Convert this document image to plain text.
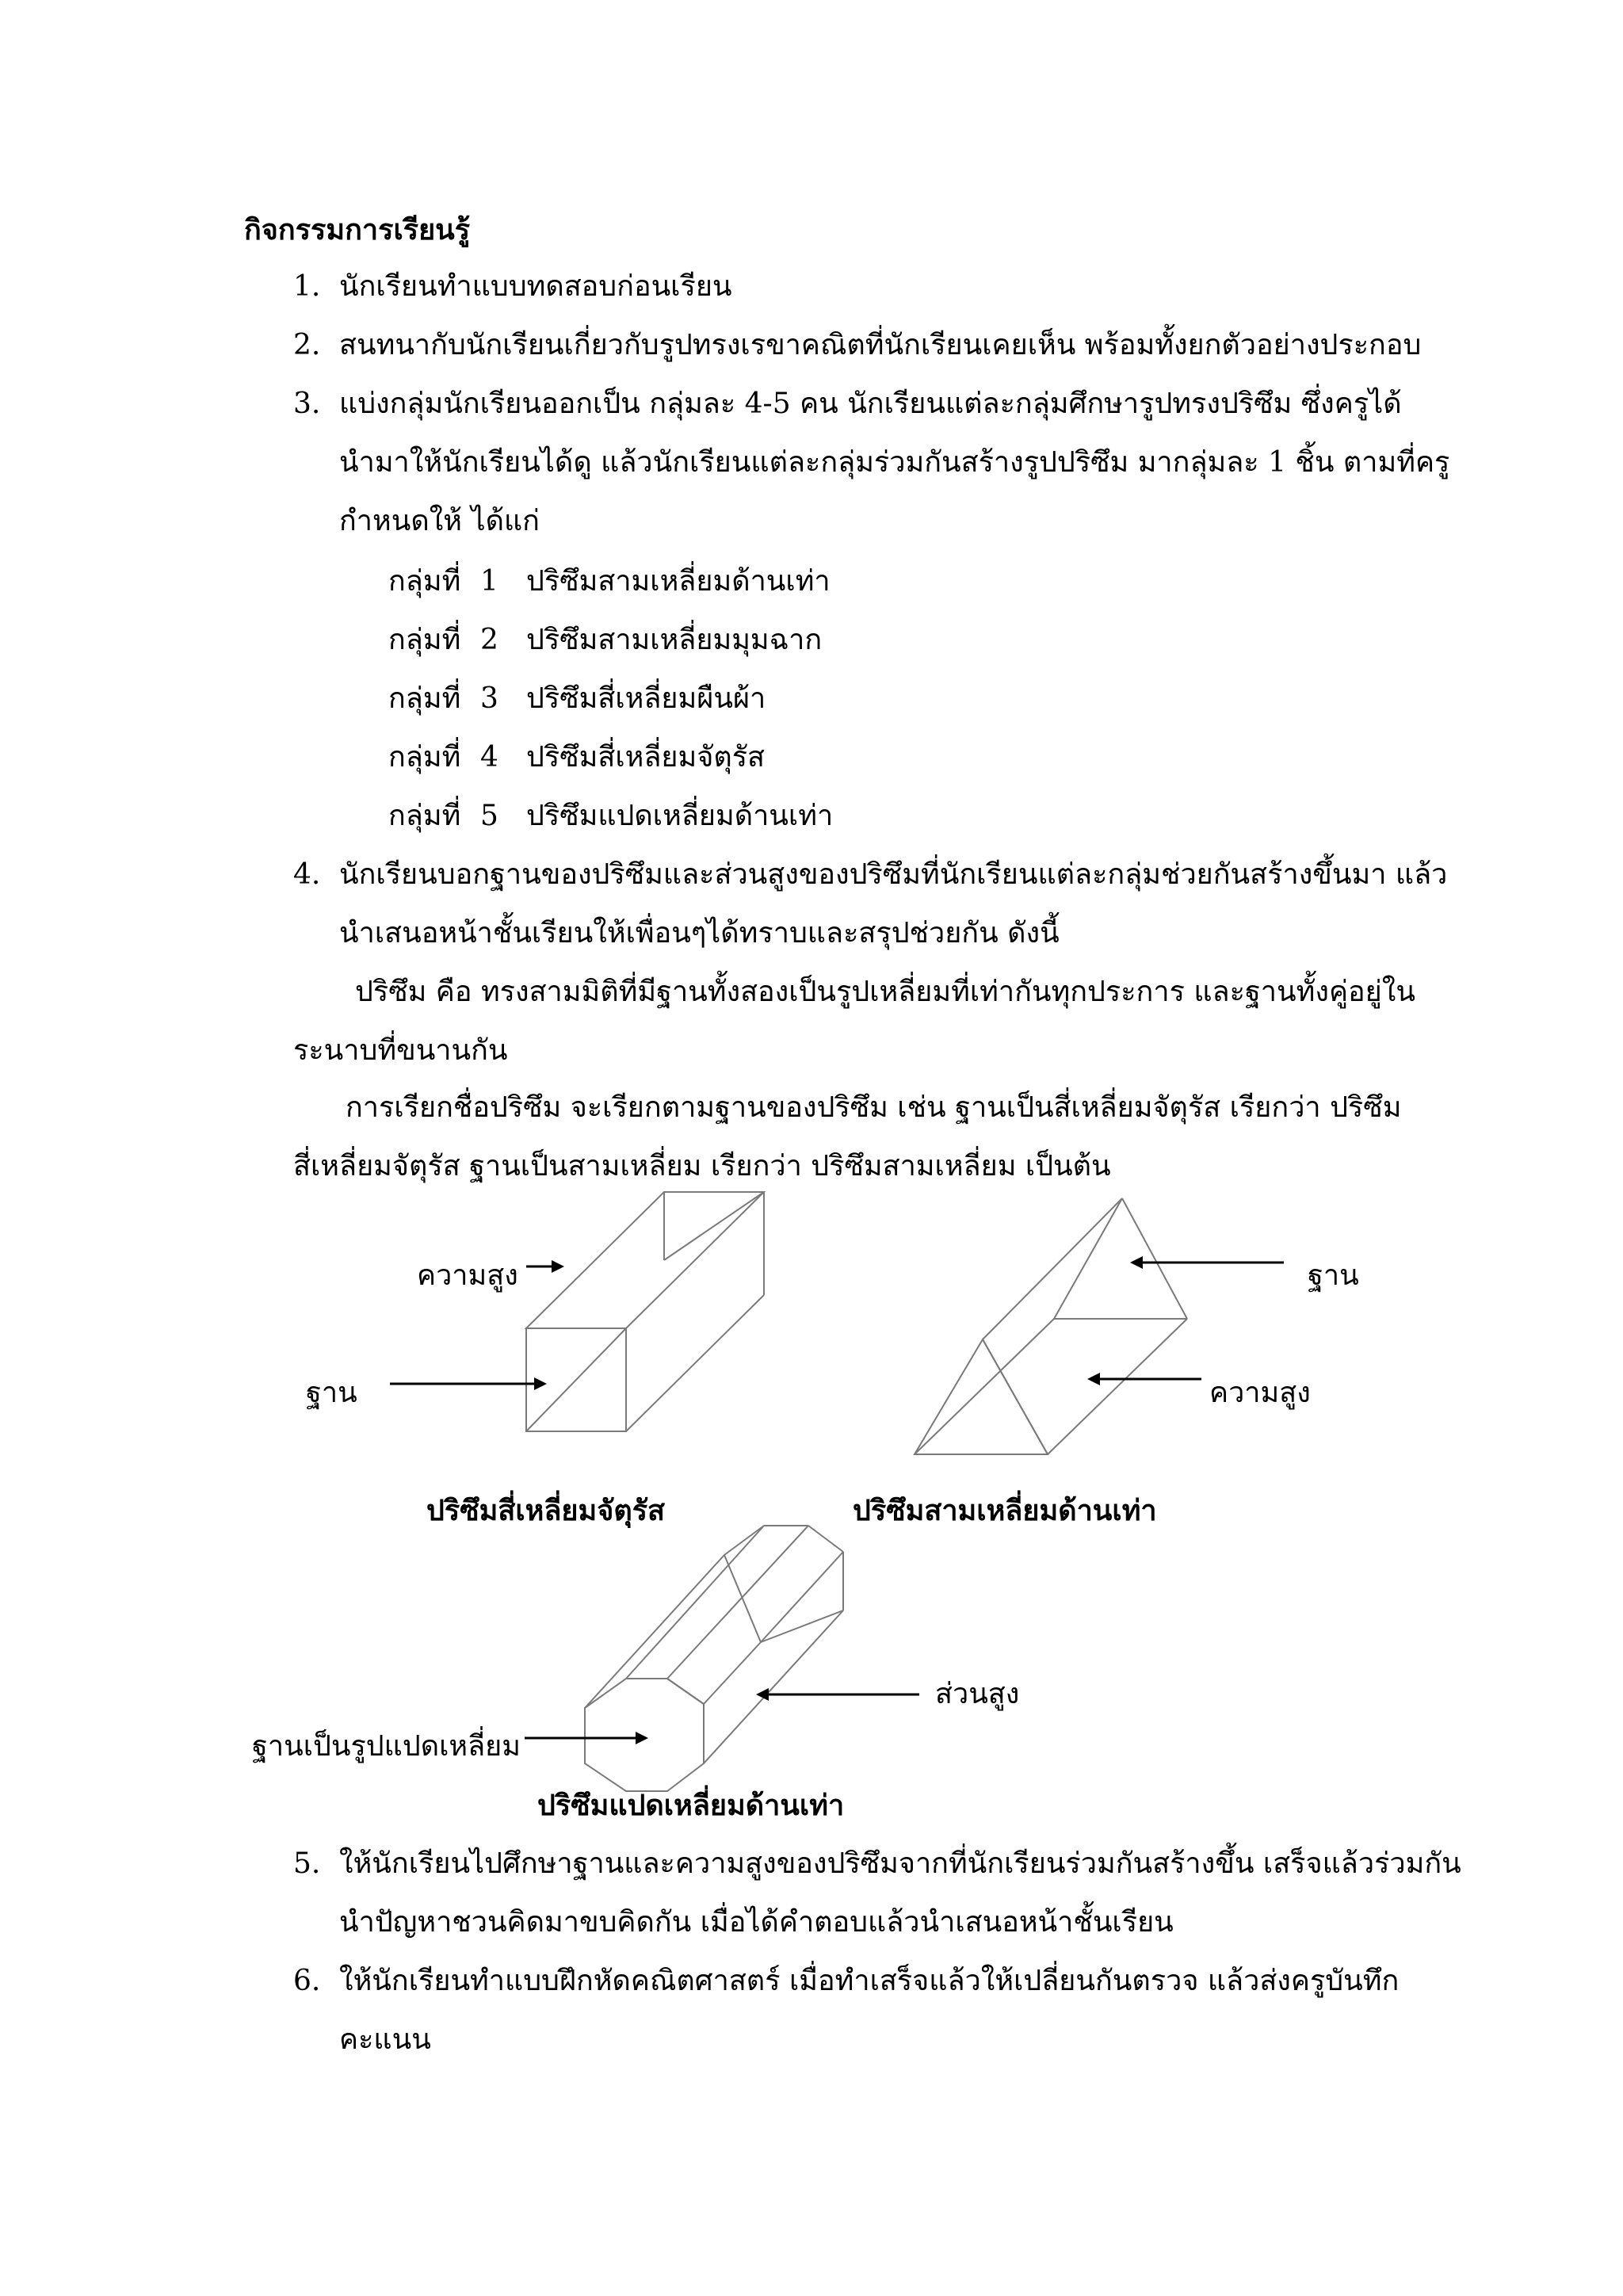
กิจกรรมการเรียนรู้
1. นักเรียนทำแบบทดสอบก่อนเรียน
2. สนทนากับนักเรียนเกี่ยวกับรูปทรงเรขาคณิตที่นักเรียนเคยเห็น พร้อมทั้งยกตัวอย่างประกอบ
3. แบ่งกลุ่มนักเรียนออกเป็น กลุ่มละ 4-5 คน นักเรียนแต่ละกลุ่มศึกษารูปทรงปริซึม ซึ่งครูได้
นำมาให้นักเรียนได้ดู แล้วนักเรียนแต่ละกลุ่มร่วมกันสร้างรูปปริซึม มากลุ่มละ 1 ชิ้น ตามที่ครู
กำหนดให้ ได้แก่
กลุ่มที่ 1 ปริซึมสามเหลี่ยมด้านเท่า
กลุ่มที่ 2 ปริซึมสามเหลี่ยมมุมฉาก
กลุ่มที่ 3 ปริซึมสี่เหลี่ยมผืนผ้า
กลุ่มที่ 4 ปริซึมสี่เหลี่ยมจัตุรัส
กลุ่มที่ 5 ปริซึมแปดเหลี่ยมด้านเท่า
4. นักเรียนบอกฐานของปริซึมและส่วนสูงของปริซึมที่นักเรียนแต่ละกลุ่มช่วยกันสร้างขึ้นมา แล้ว
นำเสนอหน้าชั้นเรียนให้เพื่อนๆได้ทราบและสรุปช่วยกัน ดังนี้
ปริซึม คือ ทรงสามมิติที่มีฐานทั้งสองเป็นรูปเหลี่ยมที่เท่ากันทุกประการ และฐานทั้งคู่อยู่ใน
ระนาบที่ขนานกัน
การเรียกชื่อปริซึม จะเรียกตามฐานของปริซึม เช่น ฐานเป็นสี่เหลี่ยมจัตุรัส เรียกว่า ปริซึม
สี่เหลี่ยมจัตุรัส ฐานเป็นสามเหลี่ยม เรียกว่า ปริซึมสามเหลี่ยม เป็นต้น
ความสูง
ฐาน
ปริซึมสี่เหลี่ยมจัตุรัส
ฐาน
ความสูง
ปริซึมสามเหลี่ยมด้านเท่า
ส่วนสูง
ฐานเป็นรูปแปดเหลี่ยม
ปริซึมแปดเหลี่ยมด้านเท่า
5. ให้นักเรียนไปศึกษาฐานและความสูงของปริซึมจากที่นักเรียนร่วมกันสร้างขึ้น เสร็จแล้วร่วมกัน
นำปัญหาชวนคิดมาขบคิดกัน เมื่อได้คำตอบแล้วนำเสนอหน้าชั้นเรียน
6. ให้นักเรียนทำแบบฝึกหัดคณิตศาสตร์ เมื่อทำเสร็จแล้วให้เปลี่ยนกันตรวจ แล้วส่งครูบันทึก
คะแนน
